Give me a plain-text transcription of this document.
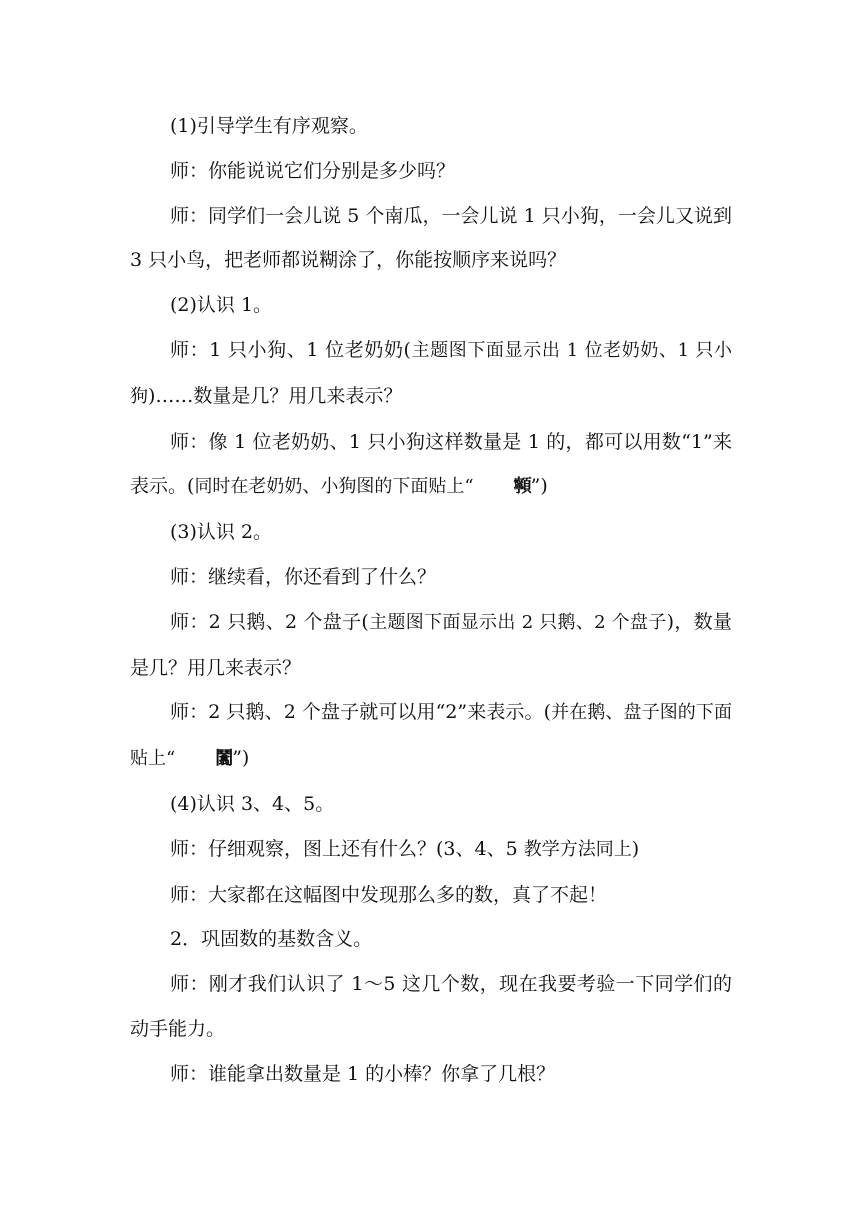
(1)引导学生有序观察。

师：你能说说它们分别是多少吗？

师：同学们一会儿说 5 个南瓜，一会儿说 1 只小狗，一会儿又说到 3 只小鸟，把老师都说糊涂了，你能按顺序来说吗？

(2)认识 1。

师：1 只小狗、1 位老奶奶(主题图下面显示出 1 位老奶奶、1 只小狗)……数量是几？用几来表示？

师：像 1 位老奶奶、1 只小狗这样数量是 1 的，都可以用数“1”来表示。(同时在老奶奶、小狗图的下面贴上“ 𩕳”)

(3)认识 2。

师：继续看，你还看到了什么？

师：2 只鹅、2 个盘子(主题图下面显示出 2 只鹅、2 个盘子)，数量是几？用几来表示？

师：2 只鹅、2 个盘子就可以用“2”来表示。(并在鹅、盘子图的下面贴上“ 𩰙”)

(4)认识 3、4、5。

师：仔细观察，图上还有什么？(3、4、5 教学方法同上)

师：大家都在这幅图中发现那么多的数，真了不起！

2．巩固数的基数含义。

师：刚才我们认识了 1～5 这几个数，现在我要考验一下同学们的动手能力。

师：谁能拿出数量是 1 的小棒？你拿了几根？
